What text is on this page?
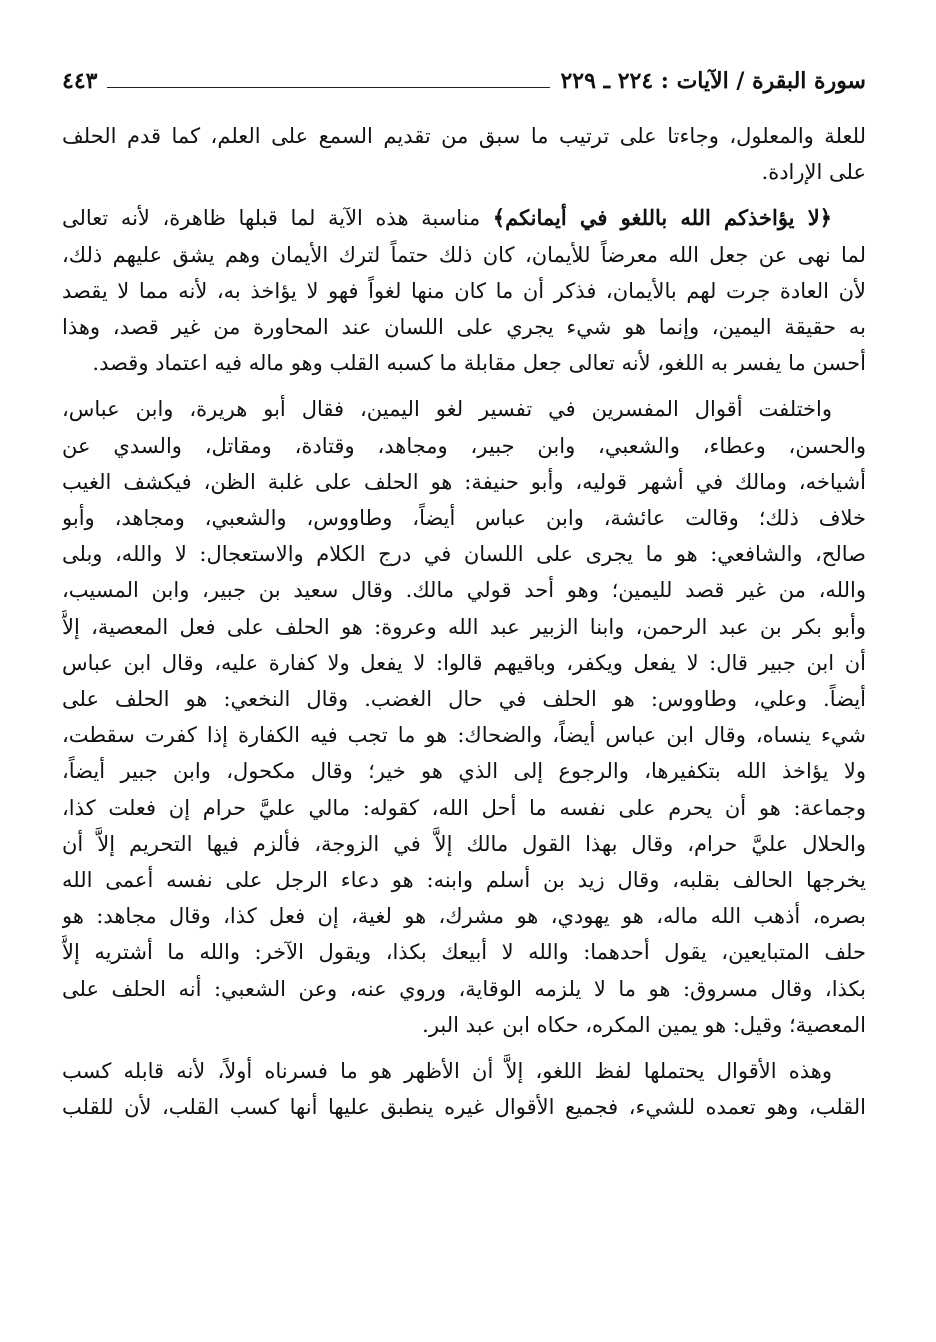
سورة البقرة / الآيات : ٢٢٤ ـ ٢٢٩
٤٤٣
للعلة والمعلول، وجاءتا على ترتيب ما سبق من تقديم السمع على العلم، كما قدم الحلف
على الإرادة.
﴿لا يؤاخذكم الله باللغو في أيمانكم﴾ مناسبة هذه الآية لما قبلها ظاهرة، لأنه تعالى
لما نهى عن جعل الله معرضاً للأيمان، كان ذلك حتماً لترك الأيمان وهم يشق عليهم ذلك،
لأن العادة جرت لهم بالأيمان، فذكر أن ما كان منها لغواً فهو لا يؤاخذ به، لأنه مما لا يقصد
به حقيقة اليمين، وإنما هو شيء يجري على اللسان عند المحاورة من غير قصد، وهذا
أحسن ما يفسر به اللغو، لأنه تعالى جعل مقابلة ما كسبه القلب وهو ماله فيه اعتماد وقصد.
واختلفت أقوال المفسرين في تفسير لغو اليمين، فقال أبو هريرة، وابن عباس،
والحسن، وعطاء، والشعبي، وابن جبير، ومجاهد، وقتادة، ومقاتل، والسدي عن
أشياخه، ومالك في أشهر قوليه، وأبو حنيفة: هو الحلف على غلبة الظن، فيكشف الغيب
خلاف ذلك؛ وقالت عائشة، وابن عباس أيضاً، وطاووس، والشعبي، ومجاهد، وأبو
صالح، والشافعي: هو ما يجرى على اللسان في درج الكلام والاستعجال: لا والله، وبلى
والله، من غير قصد لليمين؛ وهو أحد قولي مالك. وقال سعيد بن جبير، وابن المسيب،
وأبو بكر بن عبد الرحمن، وابنا الزبير عبد الله وعروة: هو الحلف على فعل المعصية، إلاَّ
أن ابن جبير قال: لا يفعل ويكفر، وباقيهم قالوا: لا يفعل ولا كفارة عليه، وقال ابن عباس
أيضاً. وعلي، وطاووس: هو الحلف في حال الغضب. وقال النخعي: هو الحلف على
شيء ينساه، وقال ابن عباس أيضاً، والضحاك: هو ما تجب فيه الكفارة إذا كفرت سقطت،
ولا يؤاخذ الله بتكفيرها، والرجوع إلى الذي هو خير؛ وقال مكحول، وابن جبير أيضاً،
وجماعة: هو أن يحرم على نفسه ما أحل الله، كقوله: مالي عليَّ حرام إن فعلت كذا،
والحلال عليَّ حرام، وقال بهذا القول مالك إلاَّ في الزوجة، فألزم فيها التحريم إلاَّ أن
يخرجها الحالف بقلبه، وقال زيد بن أسلم وابنه: هو دعاء الرجل على نفسه أعمى الله
بصره، أذهب الله ماله، هو يهودي، هو مشرك، هو لغية، إن فعل كذا، وقال مجاهد: هو
حلف المتبايعين، يقول أحدهما: والله لا أبيعك بكذا، ويقول الآخر: والله ما أشتريه إلاَّ
بكذا، وقال مسروق: هو ما لا يلزمه الوقاية، وروي عنه، وعن الشعبي: أنه الحلف على
المعصية؛ وقيل: هو يمين المكره، حكاه ابن عبد البر.
وهذه الأقوال يحتملها لفظ اللغو، إلاَّ أن الأظهر هو ما فسرناه أولاً، لأنه قابله كسب
القلب، وهو تعمده للشيء، فجميع الأقوال غيره ينطبق عليها أنها كسب القلب، لأن للقلب
